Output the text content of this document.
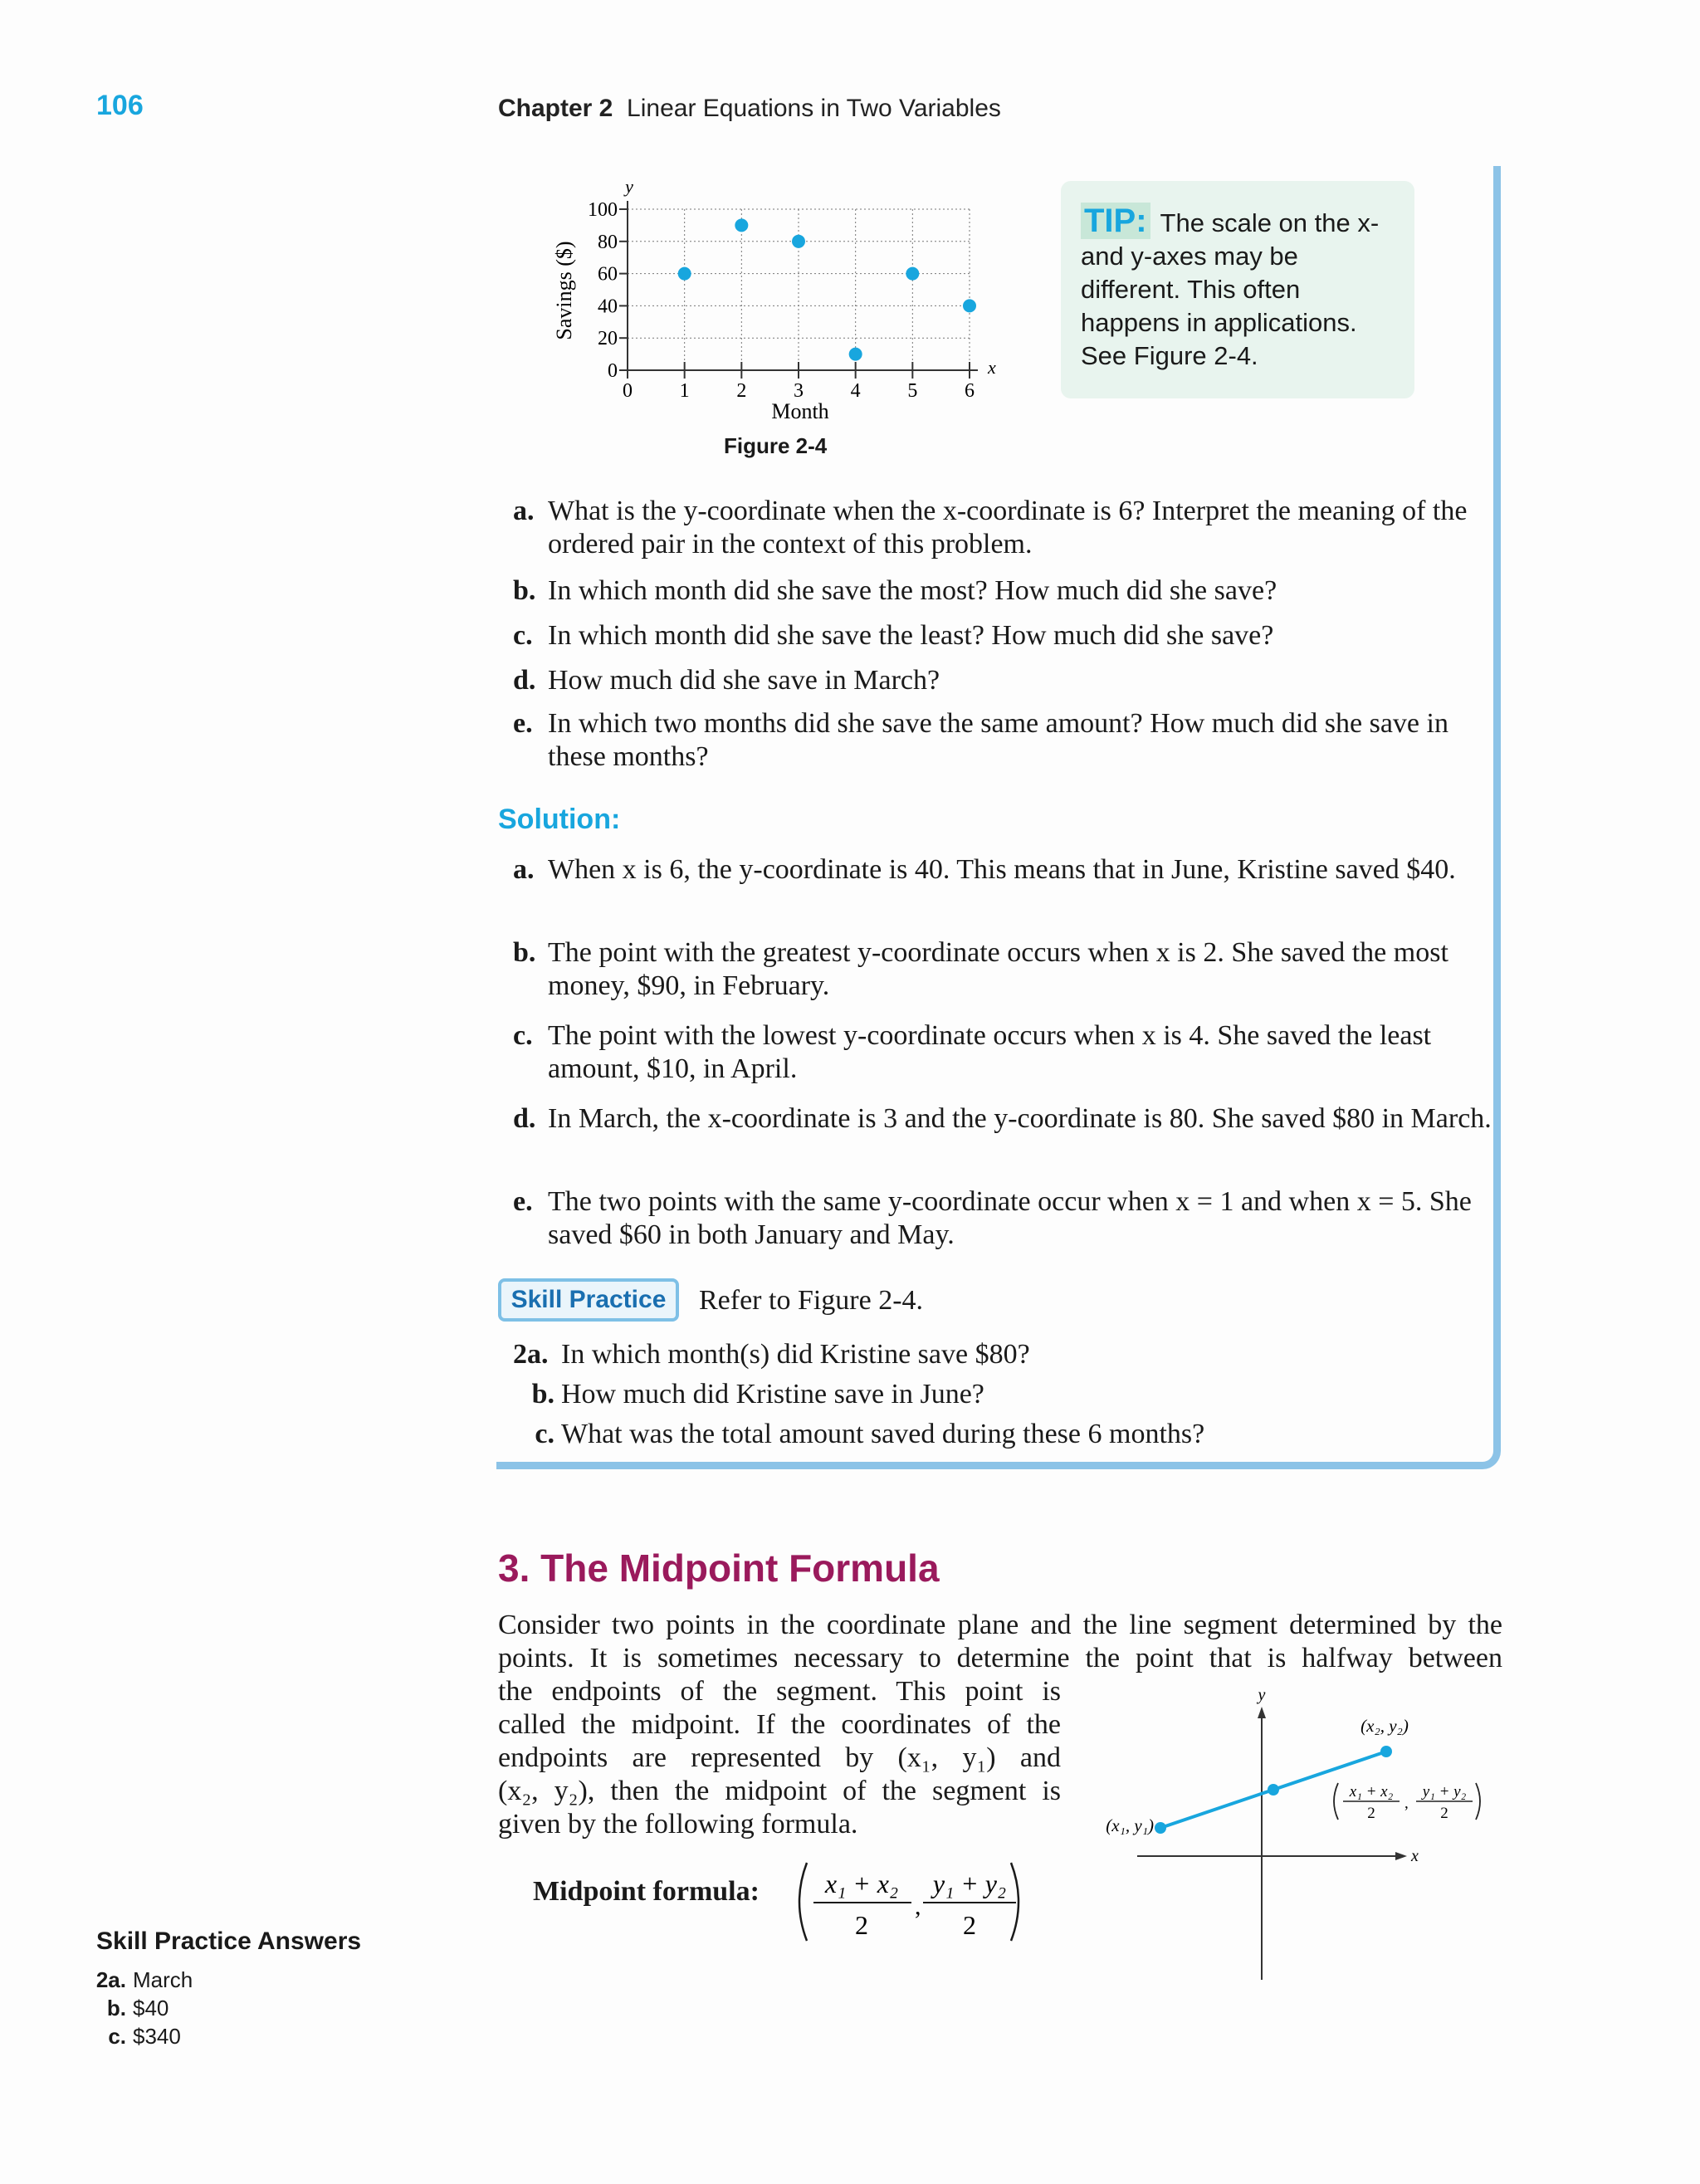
106	Chapter 2 Linear Equations in Two Variables
0
20
40
60
80
100
0 1 2 3 4 5 6
Month
Savings ($)
y
x
Figure 2-4
TIP: The scale on the x- and y-axes may be different. This often happens in applications. See Figure 2-4.
a. What is the y-coordinate when the x-coordinate is 6? Interpret the meaning of the ordered pair in the context of this problem.
b. In which month did she save the most? How much did she save?
c. In which month did she save the least? How much did she save?
d. How much did she save in March?
e. In which two months did she save the same amount? How much did she save in these months?
Solution:
a. When x is 6, the y-coordinate is 40. This means that in June, Kristine saved $40.
b. The point with the greatest y-coordinate occurs when x is 2. She saved the most money, $90, in February.
c. The point with the lowest y-coordinate occurs when x is 4. She saved the least amount, $10, in April.
d. In March, the x-coordinate is 3 and the y-coordinate is 80. She saved $80 in March.
e. The two points with the same y-coordinate occur when x = 1 and when x = 5. She saved $60 in both January and May.
Skill Practice	Refer to Figure 2-4.
2a. In which month(s) did Kristine save $80?
b. How much did Kristine save in June?
c. What was the total amount saved during these 6 months?
3. The Midpoint Formula
Consider two points in the coordinate plane and the line segment determined by the
points. It is sometimes necessary to determine the point that is halfway between
the endpoints of the segment. This point is
called the midpoint. If the coordinates of the
endpoints are represented by (x₁, y₁) and
(x₂, y₂), then the midpoint of the segment is
given by the following formula.
Midpoint formula: x₁ + x₂
2
,
y₁ + y₂
2
y
x
(x₁, y₁)
(x₂, y₂)
x₁ + x₂
2
,
y₁ + y₂
2
Skill Practice Answers
2a. March
b. $40
c. $340
